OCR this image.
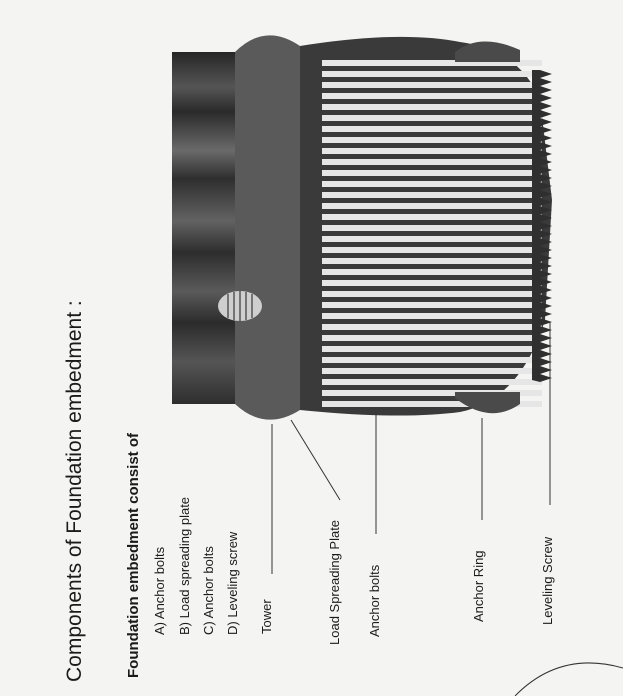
Components of Foundation embedment :	Foundation embedment consist of A) Anchor bolts B) Load spreading plate C) Anchor bolts D) Leveling screw Tower	Load Spreading Plate Anchor bolts	Anchor Ring	Leveling Screw
